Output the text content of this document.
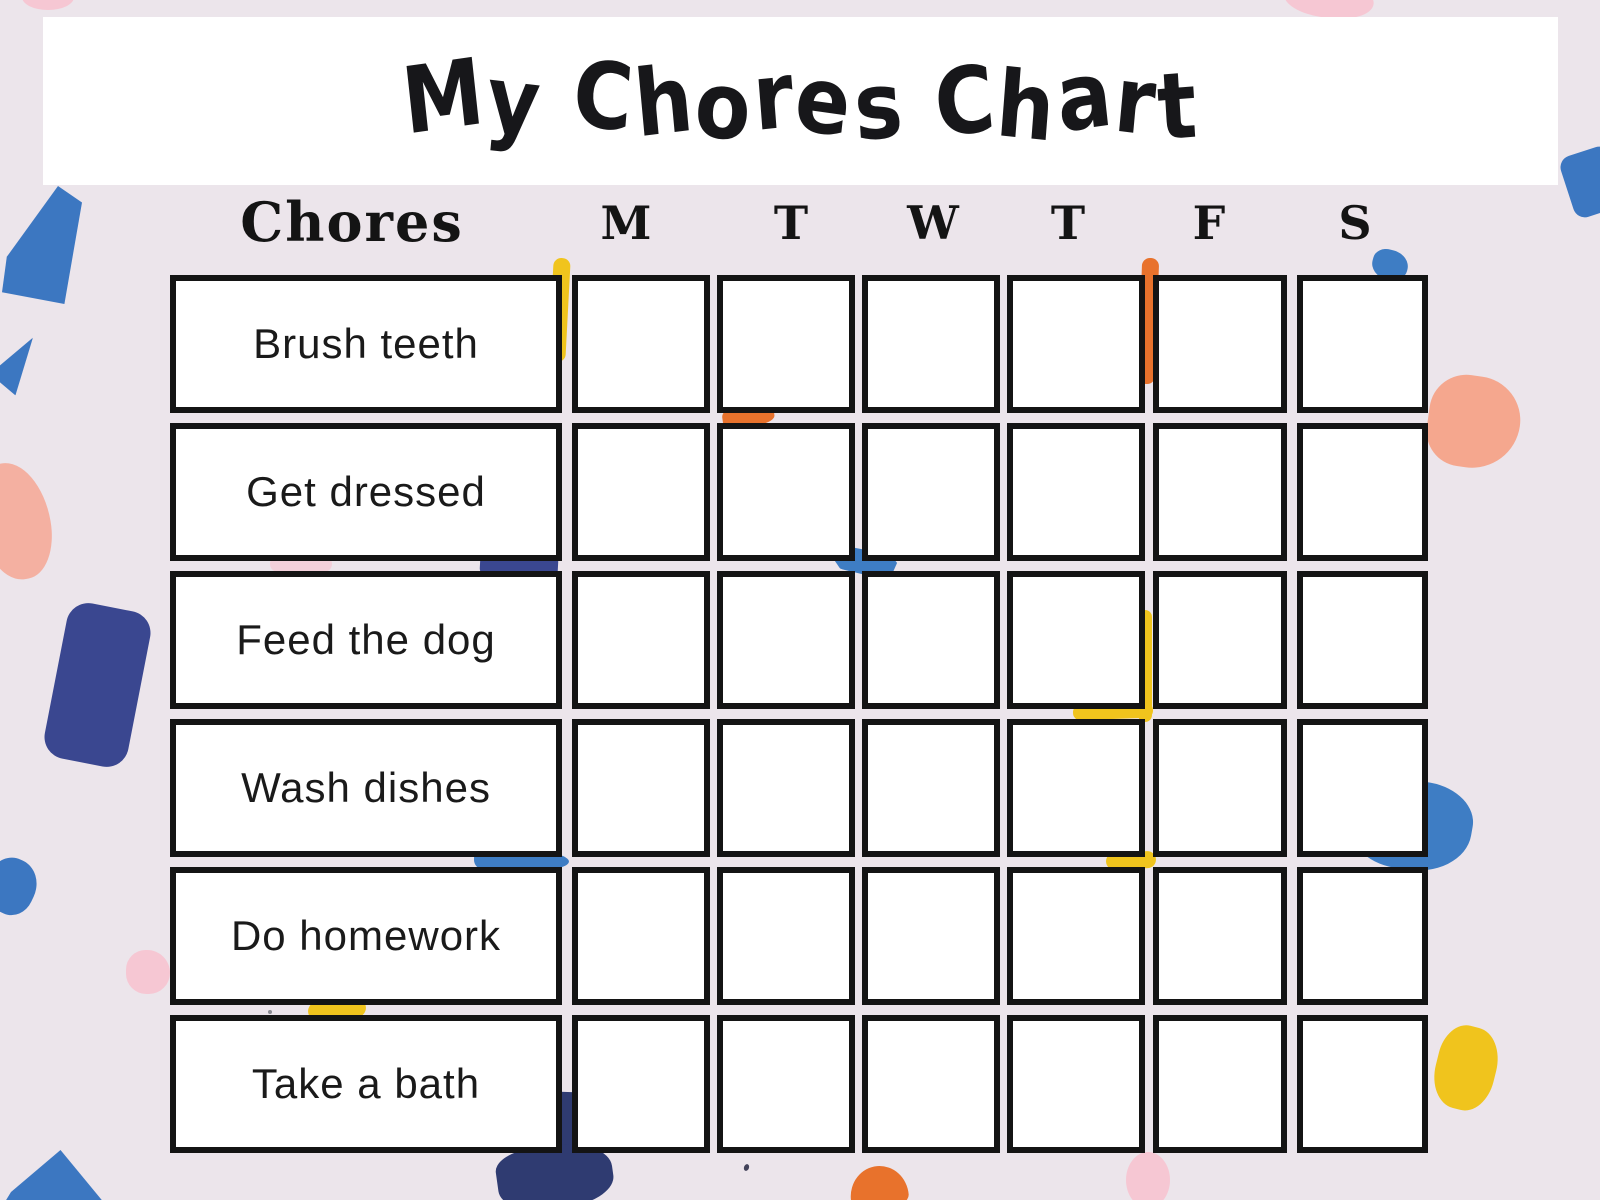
My Chores Chart
Chores	M	T	W	T	F	S
Brush teeth
Get dressed
Feed the dog
Wash dishes
Do homework
Take a bath
